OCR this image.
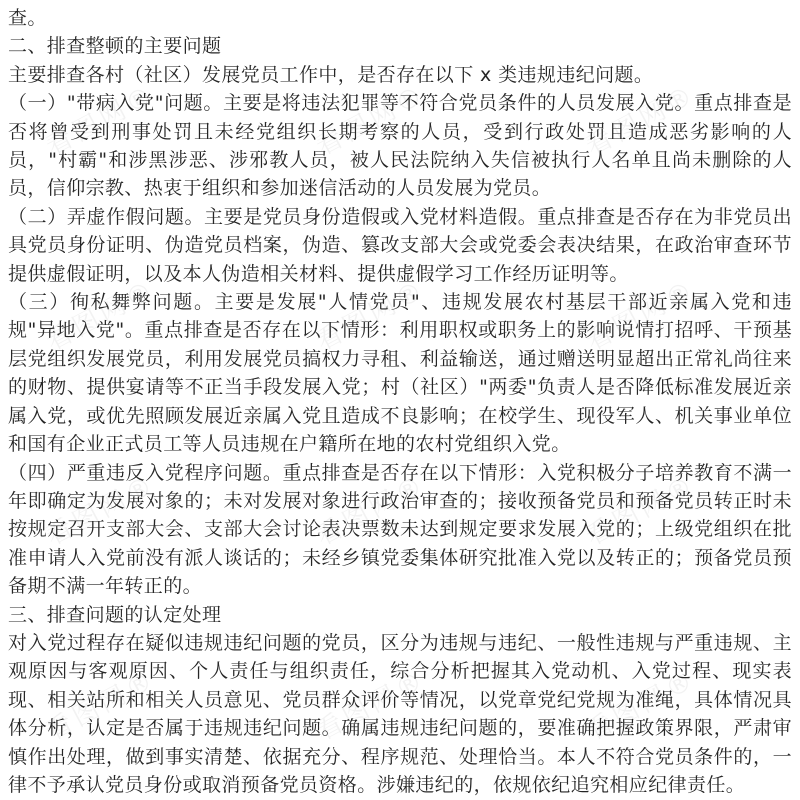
看图网®	看图网®	看图网®
看图网®	看图网®	看图网®
看图网®	看图网®	看图网®
看图网®	看图网®	看图网®

查。

二、排查整顿的主要问题

主要排查各村（社区）发展党员工作中，是否存在以下 x 类违规违纪问题。

（一）"带病入党"问题。主要是将违法犯罪等不符合党员条件的人员发展入党。重点排查是否将曾受到刑事处罚且未经党组织长期考察的人员，受到行政处罚且造成恶劣影响的人员，"村霸"和涉黑涉恶、涉邪教人员，被人民法院纳入失信被执行人名单且尚未删除的人员，信仰宗教、热衷于组织和参加迷信活动的人员发展为党员。

（二）弄虚作假问题。主要是党员身份造假或入党材料造假。重点排查是否存在为非党员出具党员身份证明、伪造党员档案，伪造、篡改支部大会或党委会表决结果，在政治审查环节提供虚假证明，以及本人伪造相关材料、提供虚假学习工作经历证明等。

（三）徇私舞弊问题。主要是发展"人情党员"、违规发展农村基层干部近亲属入党和违规"异地入党"。重点排查是否存在以下情形：利用职权或职务上的影响说情打招呼、干预基层党组织发展党员，利用发展党员搞权力寻租、利益输送，通过赠送明显超出正常礼尚往来的财物、提供宴请等不正当手段发展入党；村（社区）"两委"负责人是否降低标准发展近亲属入党，或优先照顾发展近亲属入党且造成不良影响；在校学生、现役军人、机关事业单位和国有企业正式员工等人员违规在户籍所在地的农村党组织入党。

（四）严重违反入党程序问题。重点排查是否存在以下情形：入党积极分子培养教育不满一年即确定为发展对象的；未对发展对象进行政治审查的；接收预备党员和预备党员转正时未按规定召开支部大会、支部大会讨论表决票数未达到规定要求发展入党的；上级党组织在批准申请人入党前没有派人谈话的；未经乡镇党委集体研究批准入党以及转正的；预备党员预备期不满一年转正的。

三、排查问题的认定处理

对入党过程存在疑似违规违纪问题的党员，区分为违规与违纪、一般性违规与严重违规、主观原因与客观原因、个人责任与组织责任，综合分析把握其入党动机、入党过程、现实表现、相关站所和相关人员意见、党员群众评价等情况，以党章党纪党规为准绳，具体情况具体分析，认定是否属于违规违纪问题。确属违规违纪问题的，要准确把握政策界限，严肃审慎作出处理，做到事实清楚、依据充分、程序规范、处理恰当。本人不符合党员条件的，一律不予承认党员身份或取消预备党员资格。涉嫌违纪的，依规依纪追究相应纪律责任。
